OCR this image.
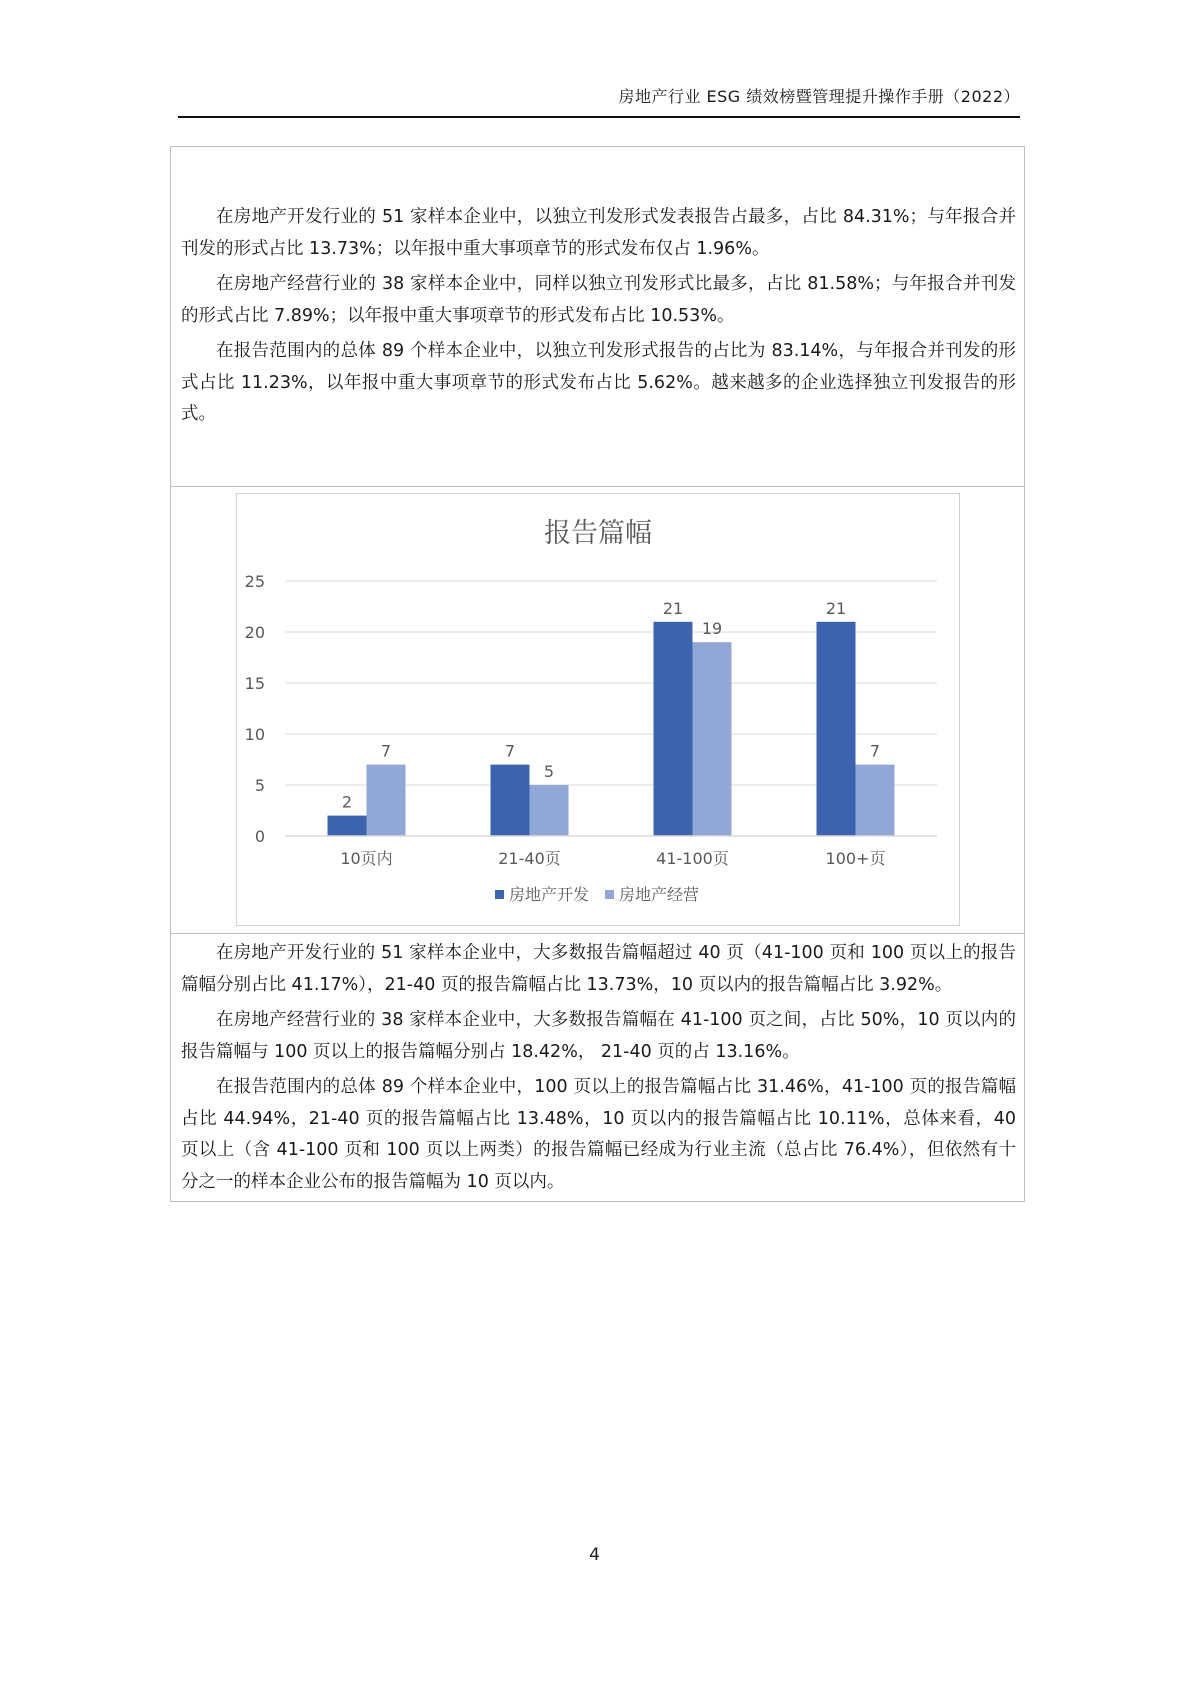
房地产行业 ESG 绩效榜暨管理提升操作手册（2022）

在房地产开发行业的 51 家样本企业中，以独立刊发形式发表报告占最多，占比 84.31%；与年报合并刊发的形式占比 13.73%；以年报中重大事项章节的形式发布仅占 1.96%。

在房地产经营行业的 38 家样本企业中，同样以独立刊发形式比最多，占比 81.58%；与年报合并刊发的形式占比 7.89%；以年报中重大事项章节的形式发布占比 10.53%。

在报告范围内的总体 89 个样本企业中，以独立刊发形式报告的占比为 83.14%，与年报合并刊发的形式占比 11.23%，以年报中重大事项章节的形式发布占比 5.62%。越来越多的企业选择独立刊发报告的形式。

报告篇幅
2
7	7
5
21
19
21
7
10页内	21-40页	41-100页	100+页
0
5
10
15
20
25
房地产开发 房地产经营

在房地产开发行业的 51 家样本企业中，大多数报告篇幅超过 40 页（41-100 页和 100 页以上的报告篇幅分别占比 41.17%），21-40 页的报告篇幅占比 13.73%，10 页以内的报告篇幅占比 3.92%。

在房地产经营行业的 38 家样本企业中，大多数报告篇幅在 41-100 页之间，占比 50%，10 页以内的报告篇幅与 100 页以上的报告篇幅分别占 18.42%， 21-40 页的占 13.16%。

在报告范围内的总体 89 个样本企业中，100 页以上的报告篇幅占比 31.46%，41-100 页的报告篇幅占比 44.94%，21-40 页的报告篇幅占比 13.48%，10 页以内的报告篇幅占比 10.11%，总体来看，40 页以上（含 41-100 页和 100 页以上两类）的报告篇幅已经成为行业主流（总占比 76.4%），但依然有十分之一的样本企业公布的报告篇幅为 10 页以内。

4
